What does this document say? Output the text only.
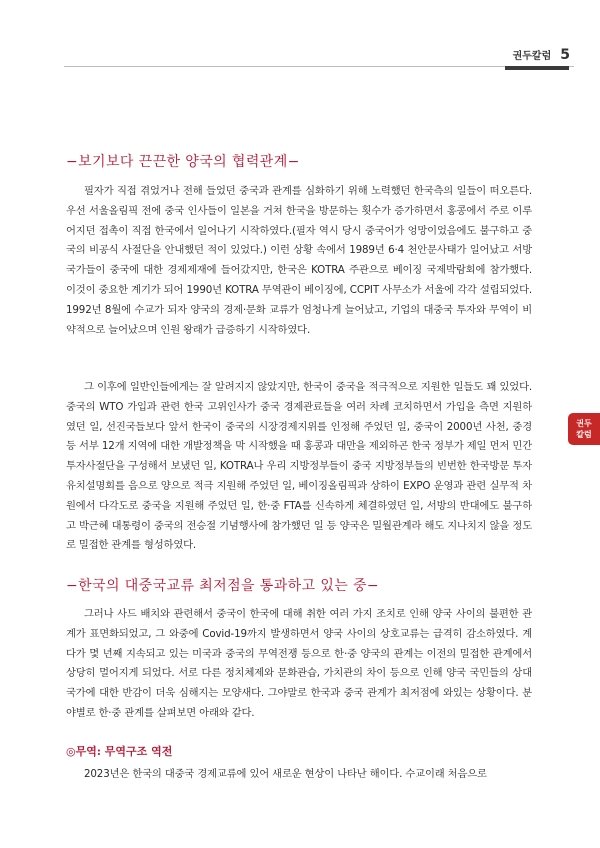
권두칼럼 5
권두
칼럼
−보기보다 끈끈한 양국의 협력관계−

필자가 직접 겪었거나 전해 들었던 중국과 관계를 심화하기 위해 노력했던 한국측의 일들이 떠오른다. 우선 서울올림픽 전에 중국 인사들이 일본을 거쳐 한국을 방문하는 횟수가 증가하면서 홍콩에서 주로 이루어지던 접촉이 직접 한국에서 일어나기 시작하였다.(필자 역시 당시 중국어가 엉망이었음에도 불구하고 중국의 비공식 사절단을 안내했던 적이 있었다.) 이런 상황 속에서 1989년 6·4 천안문사태가 일어났고 서방국가들이 중국에 대한 경제제재에 들어갔지만, 한국은 KOTRA 주관으로 베이징 국제박람회에 참가했다. 이것이 중요한 계기가 되어 1990년 KOTRA 무역관이 베이징에, CCPIT 사무소가 서울에 각각 설립되었다. 1992년 8월에 수교가 되자 양국의 경제·문화 교류가 엄청나게 늘어났고, 기업의 대중국 투자와 무역이 비약적으로 늘어났으며 인원 왕래가 급증하기 시작하였다.

그 이후에 일반인들에게는 잘 알려지지 않았지만, 한국이 중국을 적극적으로 지원한 일들도 꽤 있었다. 중국의 WTO 가입과 관련 한국 고위인사가 중국 경제관료들을 여러 차례 코치하면서 가입을 측면 지원하였던 일, 선진국들보다 앞서 한국이 중국의 시장경제지위를 인정해 주었던 일, 중국이 2000년 사천, 중경 등 서부 12개 지역에 대한 개발정책을 막 시작했을 때 홍콩과 대만을 제외하곤 한국 정부가 제일 먼저 민간투자사절단을 구성해서 보냈던 일, KOTRA나 우리 지방정부들이 중국 지방정부들의 빈번한 한국방문 투자유치설명회를 음으로 양으로 적극 지원해 주었던 일, 베이징올림픽과 상하이 EXPO 운영과 관련 실무적 차원에서 다각도로 중국을 지원해 주었던 일, 한·중 FTA를 신속하게 체결하였던 일, 서방의 반대에도 불구하고 박근혜 대통령이 중국의 전승절 기념행사에 참가했던 일 등 양국은 밀월관계라 해도 지나치지 않을 정도로 밀접한 관계를 형성하였다.

−한국의 대중국교류 최저점을 통과하고 있는 중−

그러나 사드 배치와 관련해서 중국이 한국에 대해 취한 여러 가지 조치로 인해 양국 사이의 불편한 관계가 표면화되었고, 그 와중에 Covid-19까지 발생하면서 양국 사이의 상호교류는 급격히 감소하였다. 계다가 몇 년째 지속되고 있는 미국과 중국의 무역전쟁 등으로 한·중 양국의 관계는 이전의 밀접한 관계에서 상당히 멀어지게 되었다. 서로 다른 정치체제와 문화관습, 가치관의 차이 등으로 인해 양국 국민들의 상대 국가에 대한 반감이 더욱 심해지는 모양새다. 그야말로 한국과 중국 관계가 최저점에 와있는 상황이다. 분야별로 한·중 관계를 살펴보면 아래와 같다.

◎무역: 무역구조 역전

2023년은 한국의 대중국 경제교류에 있어 새로운 현상이 나타난 해이다. 수교이래 처음으로
